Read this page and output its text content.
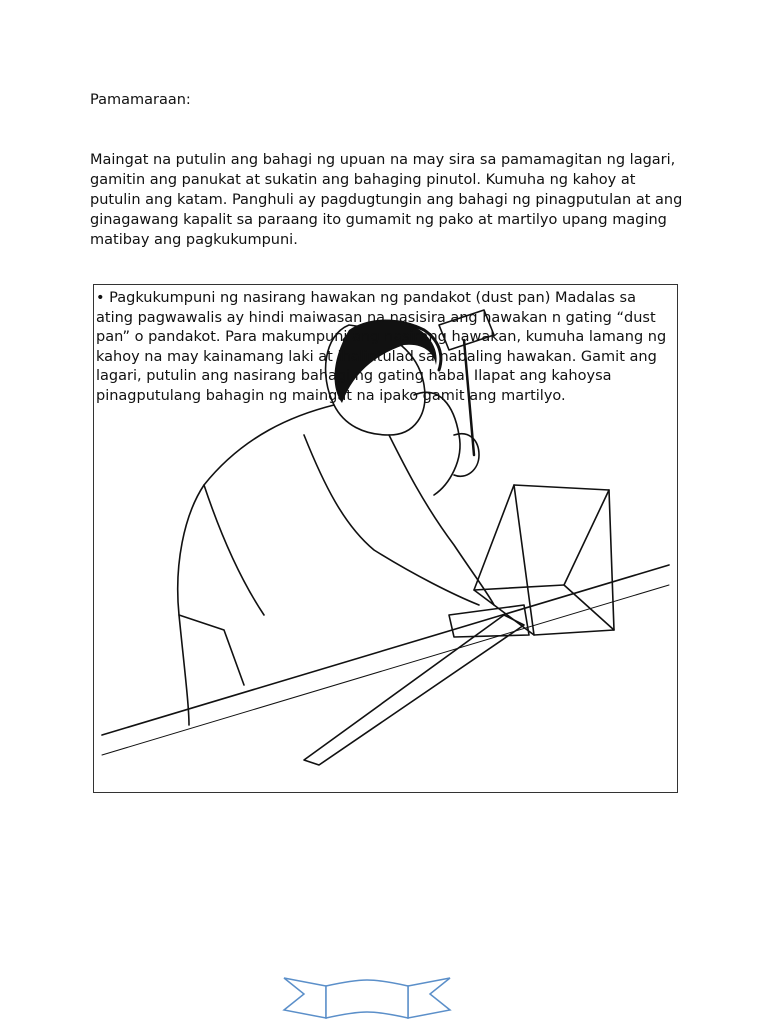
Pamamaraan:
Maingat na putulin ang bahagi ng upuan na may sira sa pamamagitan ng lagari, gamitin ang panukat at sukatin ang bahaging pinutol. Kumuha ng kahoy at putulin ang katam. Panghuli ay pagdugtungin ang bahagi ng pinagputulan at ang ginagawang kapalit sa paraang ito gumamit ng pako at martilyo upang maging matibay ang pagkukumpuni.
• Pagkukumpuni ng nasirang hawakan ng pandakot (dust pan) Madalas sa ating pagwawalis ay hindi maiwasan na nasisira ang hawakan n gating “dust pan” o pandakot. Para makumpuni ang nasirang hawakan, kumuha lamang ng kahoy na may kainamang laki at ihalintulad sa nabaling hawakan. Gamit ang lagari, putulin ang nasirang bahagi ng gating haba. Ilapat ang kahoysa pinagputulang bahagin ng maingat na ipako gamit ang martilyo.
